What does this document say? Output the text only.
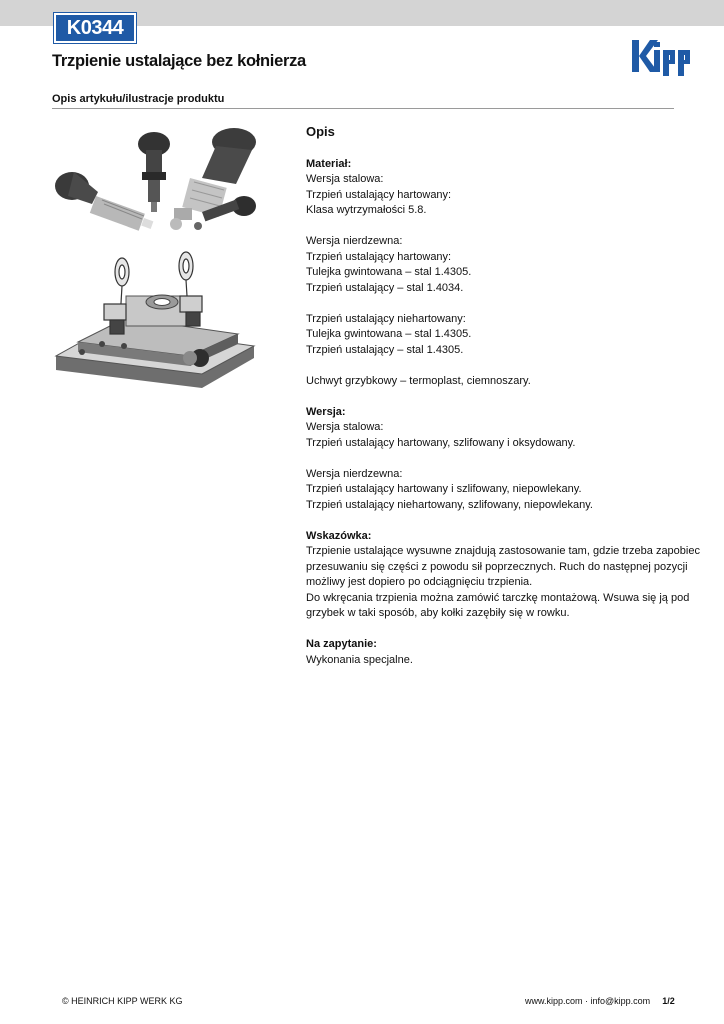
K0344
Trzpienie ustalające bez kołnierza
Opis artykułu/ilustracje produktu
Opis
Materiał:
Wersja stalowa:
Trzpień ustalający hartowany:
Klasa wytrzymałości 5.8.
Wersja nierdzewna:
Trzpień ustalający hartowany:
Tulejka gwintowana – stal 1.4305.
Trzpień ustalający – stal 1.4034.
Trzpień ustalający niehartowany:
Tulejka gwintowana – stal 1.4305.
Trzpień ustalający – stal 1.4305.
Uchwyt grzybkowy – termoplast, ciemnoszary.
Wersja:
Wersja stalowa:
Trzpień ustalający hartowany, szlifowany i oksydowany.
Wersja nierdzewna:
Trzpień ustalający hartowany i szlifowany, niepowlekany.
Trzpień ustalający niehartowany, szlifowany, niepowlekany.
Wskazówka:
Trzpienie ustalające wysuwne znajdują zastosowanie tam, gdzie trzeba zapobiec
przesuwaniu się części z powodu sił poprzecznych. Ruch do następnej pozycji
możliwy jest dopiero po odciągnięciu trzpienia.
Do wkręcania trzpienia można zamówić tarczkę montażową. Wsuwa się ją pod
grzybek w taki sposób, aby kołki zazębiły się w rowku.
Na zapytanie:
Wykonania specjalne.
© HEINRICH KIPP WERK KG	www.kipp.com · info@kipp.com 1/2
